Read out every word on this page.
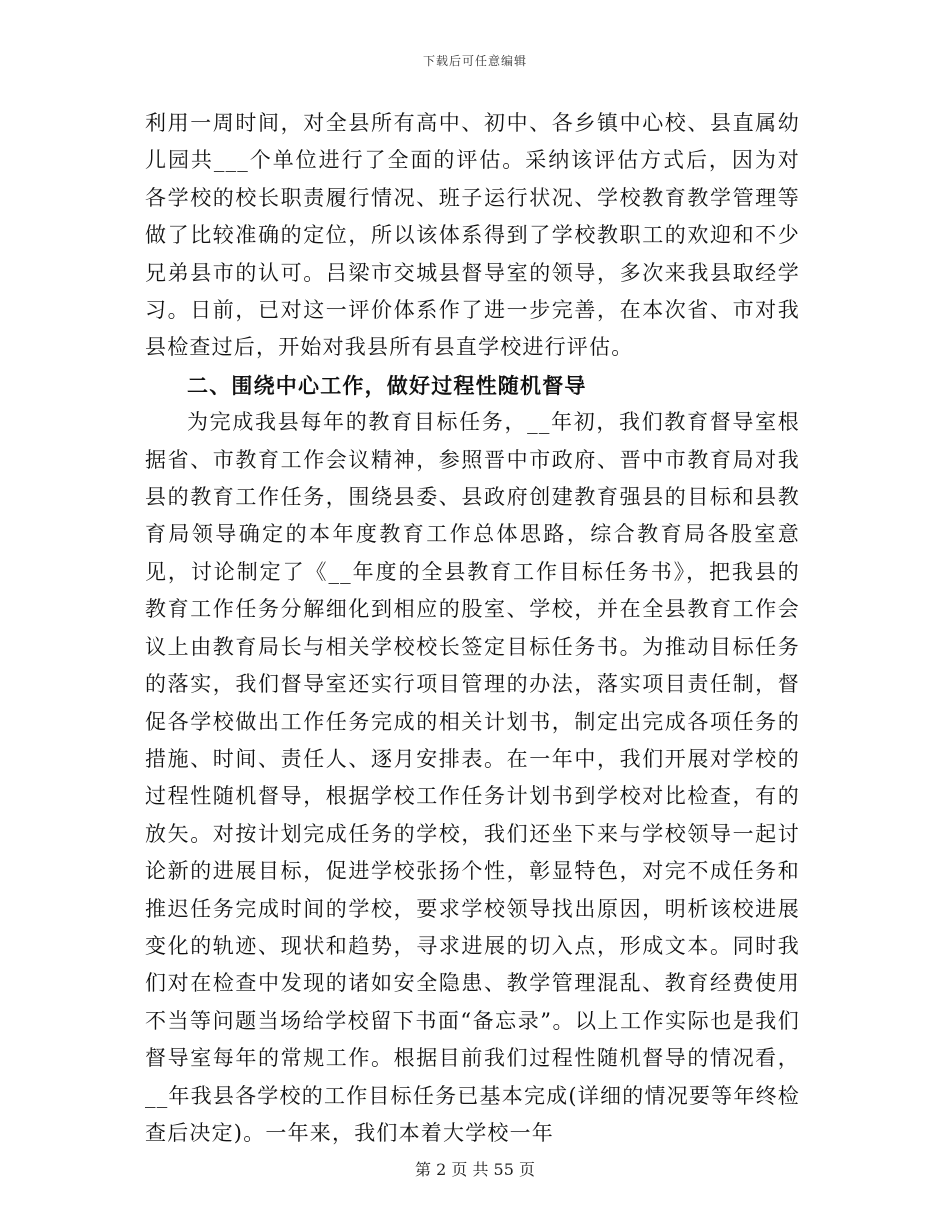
下载后可任意编辑

利用一周时间，对全县所有高中、初中、各乡镇中心校、县直属幼儿园共___个单位进行了全面的评估。采纳该评估方式后，因为对各学校的校长职责履行情况、班子运行状况、学校教育教学管理等做了比较准确的定位，所以该体系得到了学校教职工的欢迎和不少兄弟县市的认可。吕梁市交城县督导室的领导，多次来我县取经学习。日前，已对这一评价体系作了进一步完善，在本次省、市对我县检查过后，开始对我县所有县直学校进行评估。

二、围绕中心工作，做好过程性随机督导

为完成我县每年的教育目标任务，__年初，我们教育督导室根据省、市教育工作会议精神，参照晋中市政府、晋中市教育局对我县的教育工作任务，围绕县委、县政府创建教育强县的目标和县教育局领导确定的本年度教育工作总体思路，综合教育局各股室意见，讨论制定了《__年度的全县教育工作目标任务书》，把我县的教育工作任务分解细化到相应的股室、学校，并在全县教育工作会议上由教育局长与相关学校校长签定目标任务书。为推动目标任务的落实，我们督导室还实行项目管理的办法，落实项目责任制，督促各学校做出工作任务完成的相关计划书，制定出完成各项任务的措施、时间、责任人、逐月安排表。在一年中，我们开展对学校的过程性随机督导，根据学校工作任务计划书到学校对比检查，有的放矢。对按计划完成任务的学校，我们还坐下来与学校领导一起讨论新的进展目标，促进学校张扬个性，彰显特色，对完不成任务和推迟任务完成时间的学校，要求学校领导找出原因，明析该校进展变化的轨迹、现状和趋势，寻求进展的切入点，形成文本。同时我们对在检查中发现的诸如安全隐患、教学管理混乱、教育经费使用不当等问题当场给学校留下书面“备忘录”。以上工作实际也是我们督导室每年的常规工作。根据目前我们过程性随机督导的情况看，__年我县各学校的工作目标任务已基本完成(详细的情况要等年终检查后决定)。一年来，我们本着大学校一年

第 2 页 共 55 页
